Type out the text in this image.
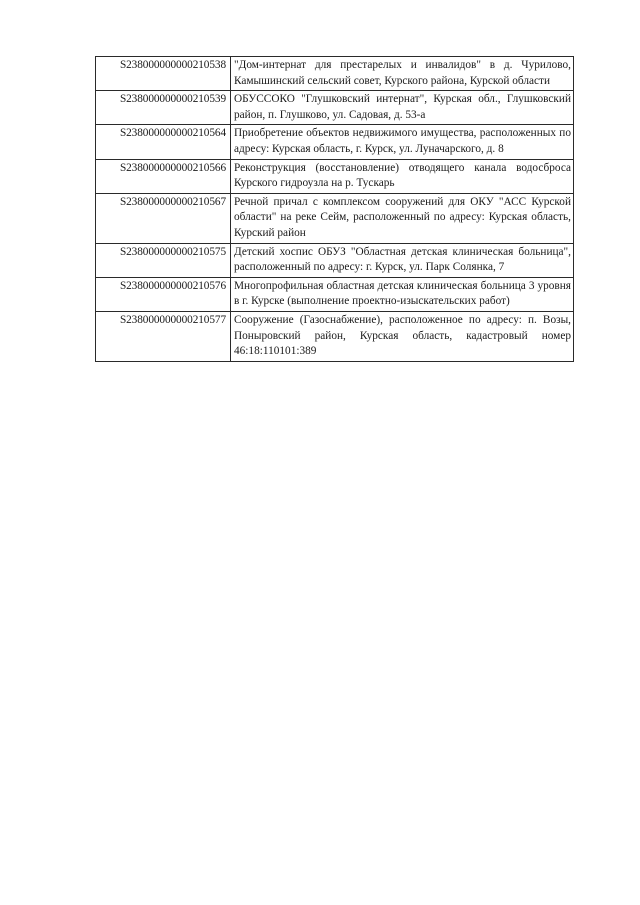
S238000000000210538	"Дом-интернат для престарелых и инвалидов" в д. Чурилово, Камышинский сельский совет, Курского района, Курской области
S238000000000210539	ОБУССОКО "Глушковский интернат", Курская обл., Глушковский район, п. Глушково, ул. Садовая, д. 53-а
S238000000000210564	Приобретение объектов недвижимого имущества, расположенных по адресу: Курская область, г. Курск, ул. Луначарского, д. 8
S238000000000210566	Реконструкция (восстановление) отводящего канала водосброса Курского гидроузла на р. Тускарь
S238000000000210567	Речной причал с комплексом сооружений для ОКУ "АСС Курской области" на реке Сейм, расположенный по адресу: Курская область, Курский район
S238000000000210575	Детский хоспис ОБУЗ "Областная детская клиническая больница", расположенный по адресу: г. Курск, ул. Парк Солянка, 7
S238000000000210576	Многопрофильная областная детская клиническая больница 3 уровня в г. Курске (выполнение проектно-изыскательских работ)
S238000000000210577	Сооружение (Газоснабжение), расположенное по адресу: п. Возы, Поныровский район, Курская область, кадастровый номер 46:18:110101:389
